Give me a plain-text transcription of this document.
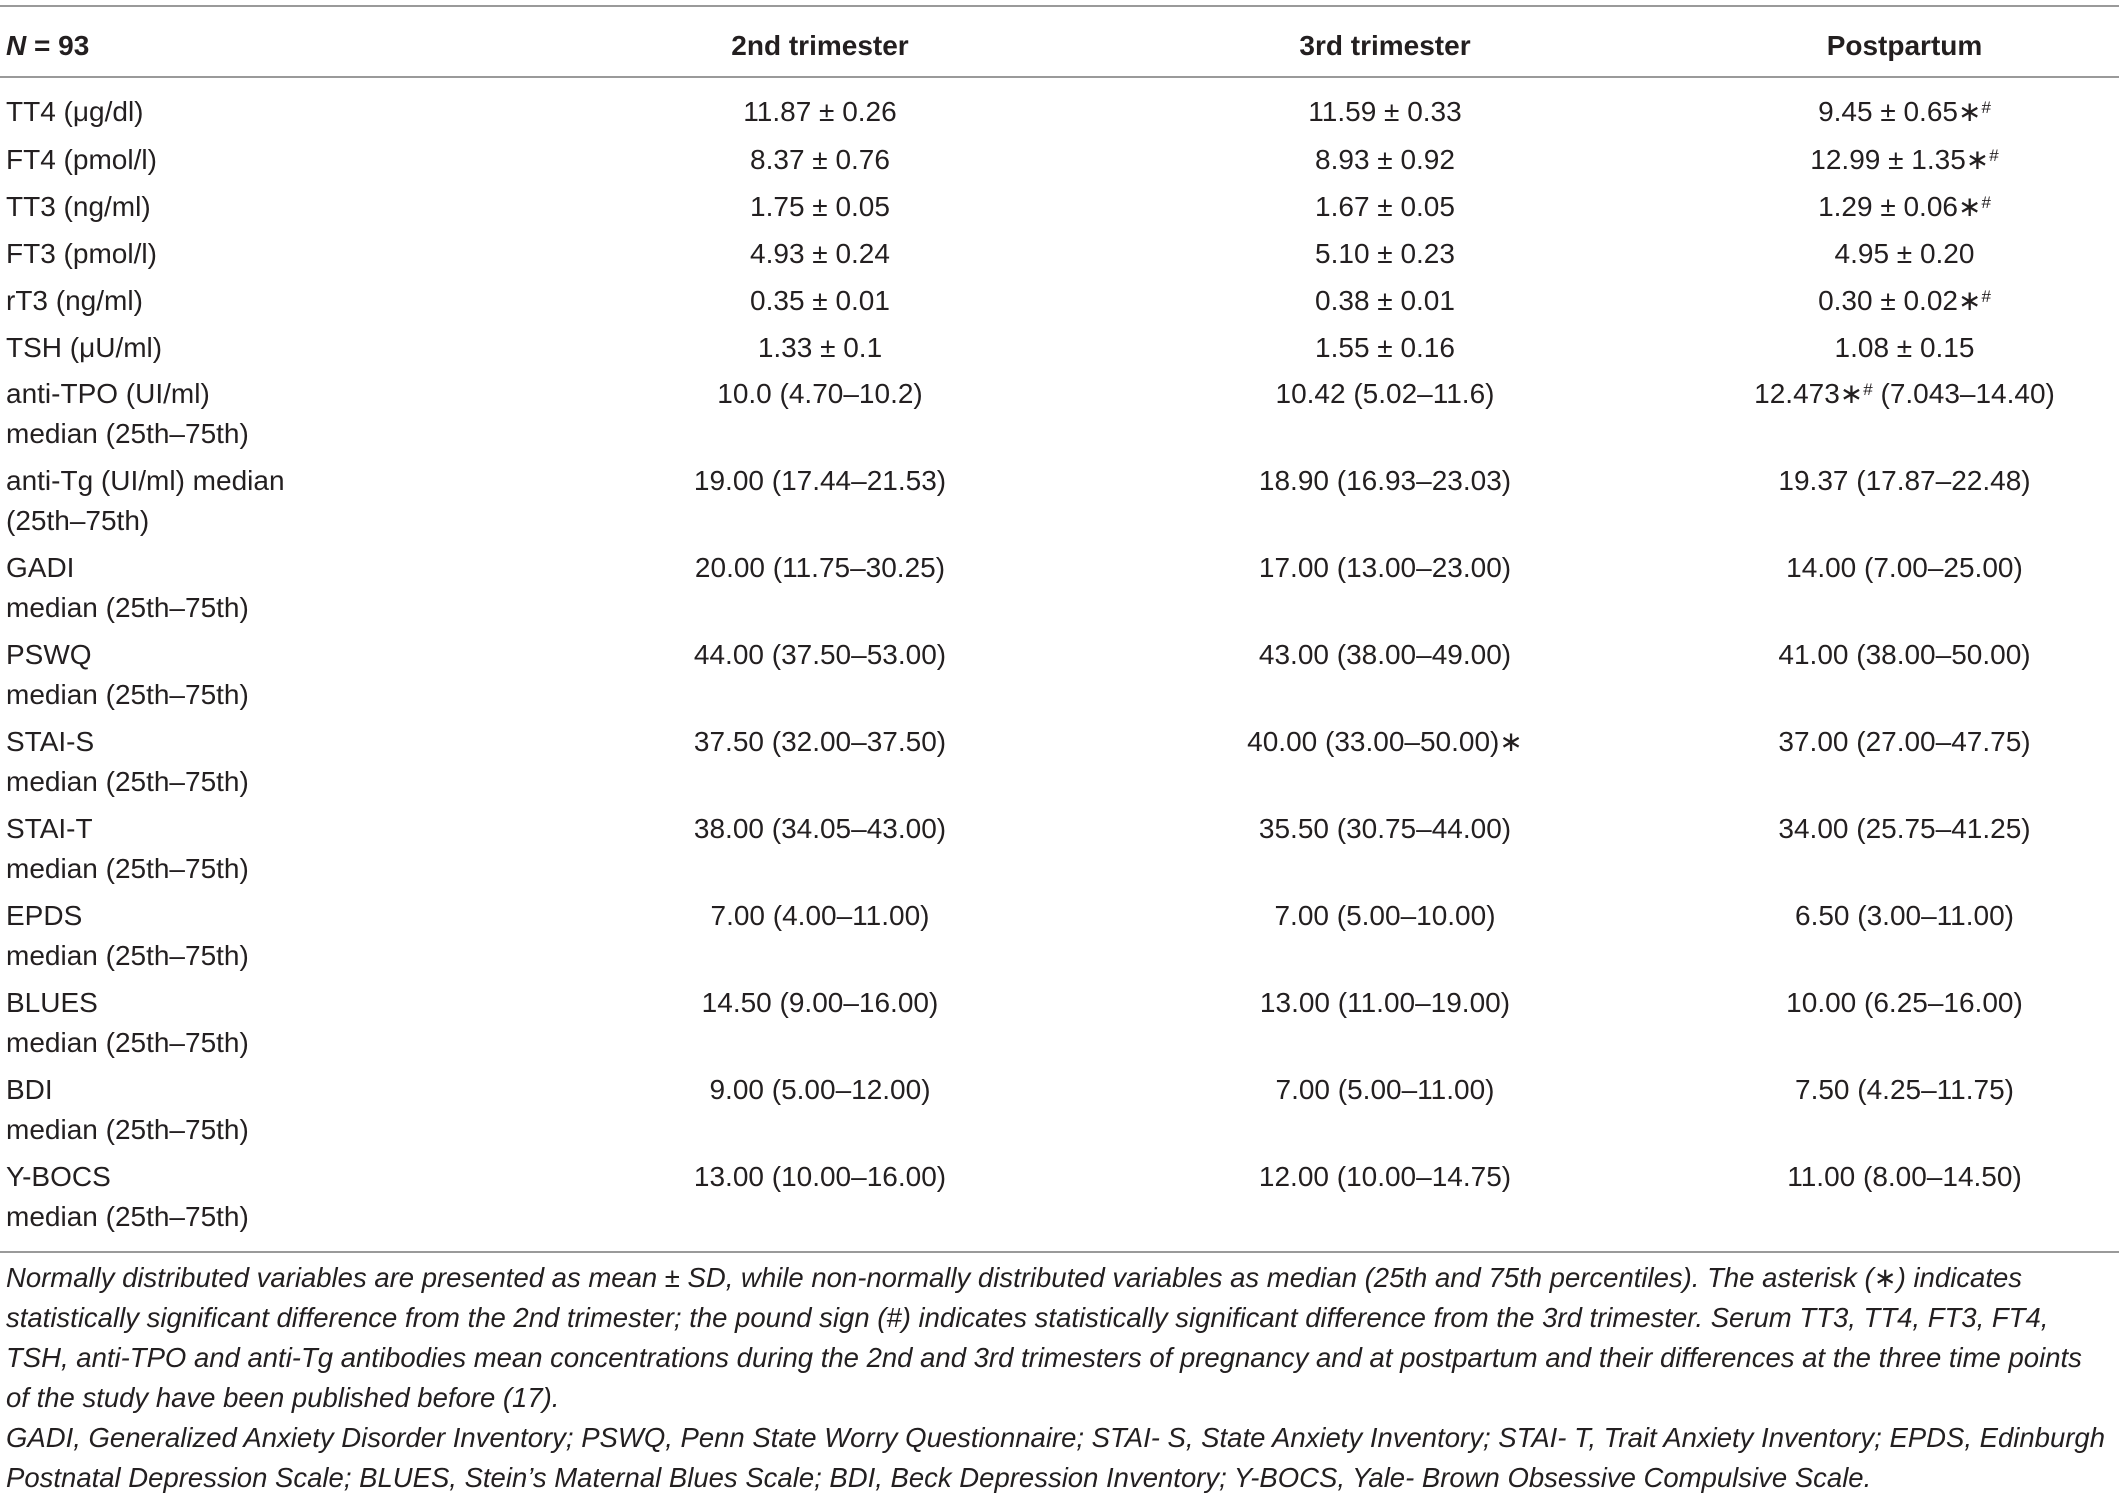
N = 93	2nd trimester	3rd trimester	Postpartum

TT4 (μg/dl)	11.87 ± 0.26	11.59 ± 0.33	9.45 ± 0.65∗#

FT4 (pmol/l)	8.37 ± 0.76	8.93 ± 0.92	12.99 ± 1.35∗#

TT3 (ng/ml)	1.75 ± 0.05	1.67 ± 0.05	1.29 ± 0.06∗#

FT3 (pmol/l)	4.93 ± 0.24	5.10 ± 0.23	4.95 ± 0.20

rT3 (ng/ml)	0.35 ± 0.01	0.38 ± 0.01	0.30 ± 0.02∗#

TSH (μU/ml)	1.33 ± 0.1	1.55 ± 0.16	1.08 ± 0.15

anti-TPO (UI/ml)
median (25th–75th)	10.0 (4.70–10.2)	10.42 (5.02–11.6)	12.473∗# (7.043–14.40)

anti-Tg (UI/ml) median
(25th–75th)	19.00 (17.44–21.53)	18.90 (16.93–23.03)	19.37 (17.87–22.48)

GADI
median (25th–75th)	20.00 (11.75–30.25)	17.00 (13.00–23.00)	14.00 (7.00–25.00)

PSWQ
median (25th–75th)	44.00 (37.50–53.00)	43.00 (38.00–49.00)	41.00 (38.00–50.00)

STAI-S
median (25th–75th)	37.50 (32.00–37.50)	40.00 (33.00–50.00)∗	37.00 (27.00–47.75)

STAI-T
median (25th–75th)	38.00 (34.05–43.00)	35.50 (30.75–44.00)	34.00 (25.75–41.25)

EPDS
median (25th–75th)	7.00 (4.00–11.00)	7.00 (5.00–10.00)	6.50 (3.00–11.00)

BLUES
median (25th–75th)	14.50 (9.00–16.00)	13.00 (11.00–19.00)	10.00 (6.25–16.00)

BDI
median (25th–75th)	9.00 (5.00–12.00)	7.00 (5.00–11.00)	7.50 (4.25–11.75)

Y-BOCS
median (25th–75th)	13.00 (10.00–16.00)	12.00 (10.00–14.75)	11.00 (8.00–14.50)

Normally distributed variables are presented as mean ± SD, while non-normally distributed variables as median (25th and 75th percentiles). The asterisk (∗) indicates statistically significant difference from the 2nd trimester; the pound sign (#) indicates statistically significant difference from the 3rd trimester. Serum TT3, TT4, FT3, FT4, TSH, anti-TPO and anti-Tg antibodies mean concentrations during the 2nd and 3rd trimesters of pregnancy and at postpartum and their differences at the three time points of the study have been published before (17).

GADI, Generalized Anxiety Disorder Inventory; PSWQ, Penn State Worry Questionnaire; STAI- S, State Anxiety Inventory; STAI- T, Trait Anxiety Inventory; EPDS, Edinburgh Postnatal Depression Scale; BLUES, Stein’s Maternal Blues Scale; BDI, Beck Depression Inventory; Y-BOCS, Yale- Brown Obsessive Compulsive Scale.
